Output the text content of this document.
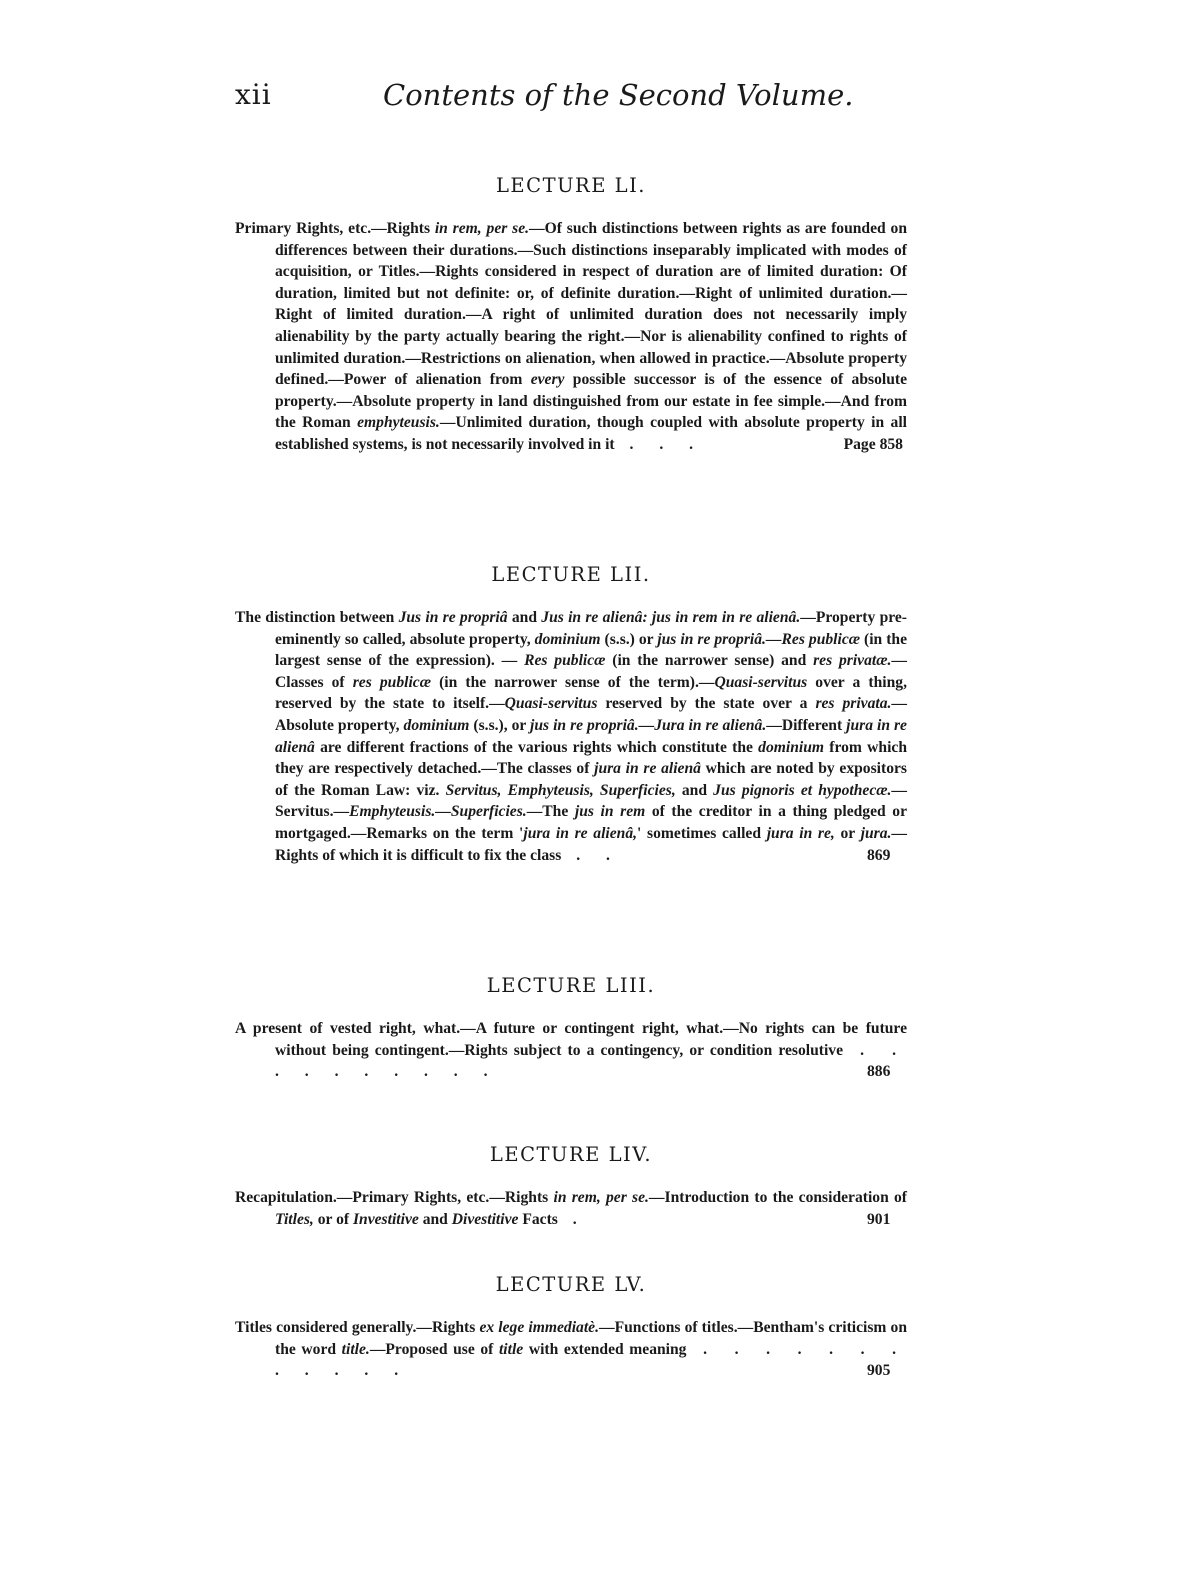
xii	Contents of the Second Volume.
LECTURE LI.

Primary Rights, etc.—Rights in rem, per se.—Of such distinctions between rights as are founded on differences between their durations.—Such distinctions inseparably implicated with modes of acquisition, or Titles.—Rights considered in respect of duration are of limited duration: Of duration, limited but not definite: or, of definite duration.—Right of unlimited duration.—Right of limited duration.—A right of unlimited duration does not necessarily imply alienability by the party actually bearing the right.—Nor is alienability confined to rights of unlimited duration.—Restrictions on alienation, when allowed in practice.—Absolute property defined.—Power of alienation from every possible successor is of the essence of absolute property.—Absolute property in land distinguished from our estate in fee simple.—And from the Roman emphyteusis.—Unlimited duration, though coupled with absolute property in all established systems, is not necessarily involved in it . . .	Page 858

LECTURE LII.

The distinction between Jus in re propriâ and Jus in re alienâ: jus in rem in re alienâ.—Property pre-eminently so called, absolute property, dominium (s.s.) or jus in re propriâ.—Res publicæ (in the largest sense of the expression). — Res publicæ (in the narrower sense) and res privatæ.—Classes of res publicæ (in the narrower sense of the term).—Quasi-servitus over a thing, reserved by the state to itself.—Quasi-servitus reserved by the state over a res privata.—Absolute property, dominium (s.s.), or jus in re propriâ.—Jura in re alienâ.—Different jura in re alienâ are different fractions of the various rights which constitute the dominium from which they are respectively detached.—The classes of jura in re alienâ which are noted by expositors of the Roman Law: viz. Servitus, Emphyteusis, Superficies, and Jus pignoris et hypothecæ.—Servitus.—Emphyteusis.—Superficies.—The jus in rem of the creditor in a thing pledged or mortgaged.—Remarks on the term 'jura in re alienâ,' sometimes called jura in re, or jura.— Rights of which it is difficult to fix the class . .	869

LECTURE LIII.

A present of vested right, what.—A future or contingent right, what.—No rights can be future without being contingent.—Rights subject to a contingency, or condition resolutive . . . . . . . . . .	886

LECTURE LIV.

Recapitulation.—Primary Rights, etc.—Rights in rem, per se.—Introduction to the consideration of Titles, or of Investitive and Divestitive Facts .	901

LECTURE LV.

Titles considered generally.—Rights ex lege immediatè.—Functions of titles.—Bentham's criticism on the word title.—Proposed use of title with extended meaning . . . . . . . . . . . .	905
